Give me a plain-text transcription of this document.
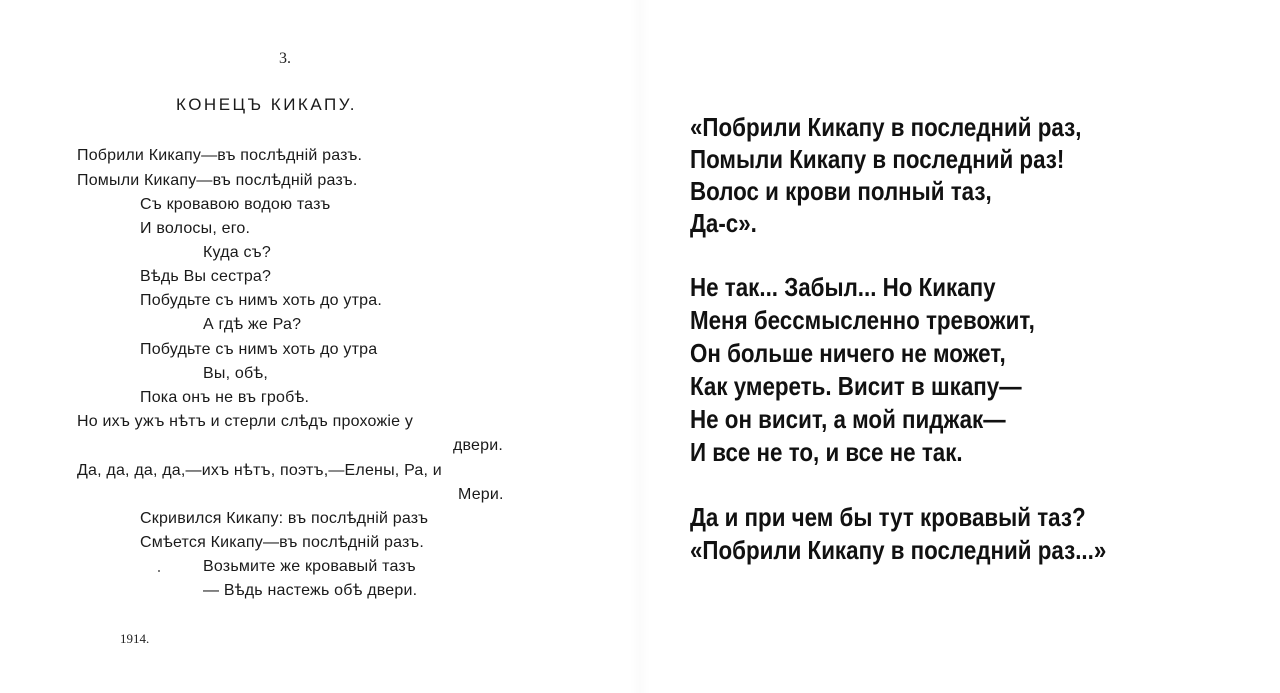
3.
КОНЕЦЪ КИКАПУ.
Побрили Кикапу—въ послѣдній разъ.
Помыли Кикапу—въ послѣдній разъ.
Съ кровавою водою тазъ
И волосы, его.
Куда съ?
Вѣдь Вы сестра?
Побудьте съ нимъ хоть до утра.
А гдѣ же Ра?
Побудьте съ нимъ хоть до утра
Вы, обѣ,
Пока онъ не въ гробѣ.
Но ихъ ужъ нѣтъ и стерли слѣдъ прохожіе у
двери.
Да, да, да, да,—ихъ нѣтъ, поэтъ,—Елены, Ра, и
Мери.
Скривился Кикапу: въ послѣдній разъ
Смѣется Кикапу—въ послѣдній разъ.
Возьмите же кровавый тазъ
— Вѣдь настежь обѣ двери.
1914.
«Побрили Кикапу в последний раз,
Помыли Кикапу в последний раз!
Волос и крови полный таз,
Да-с».
Не так... Забыл... Но Кикапу
Меня бессмысленно тревожит,
Он больше ничего не может,
Как умереть. Висит в шкапу—
Не он висит, а мой пиджак—
И все не то, и все не так.
Да и при чем бы тут кровавый таз?
«Побрили Кикапу в последний раз...»
